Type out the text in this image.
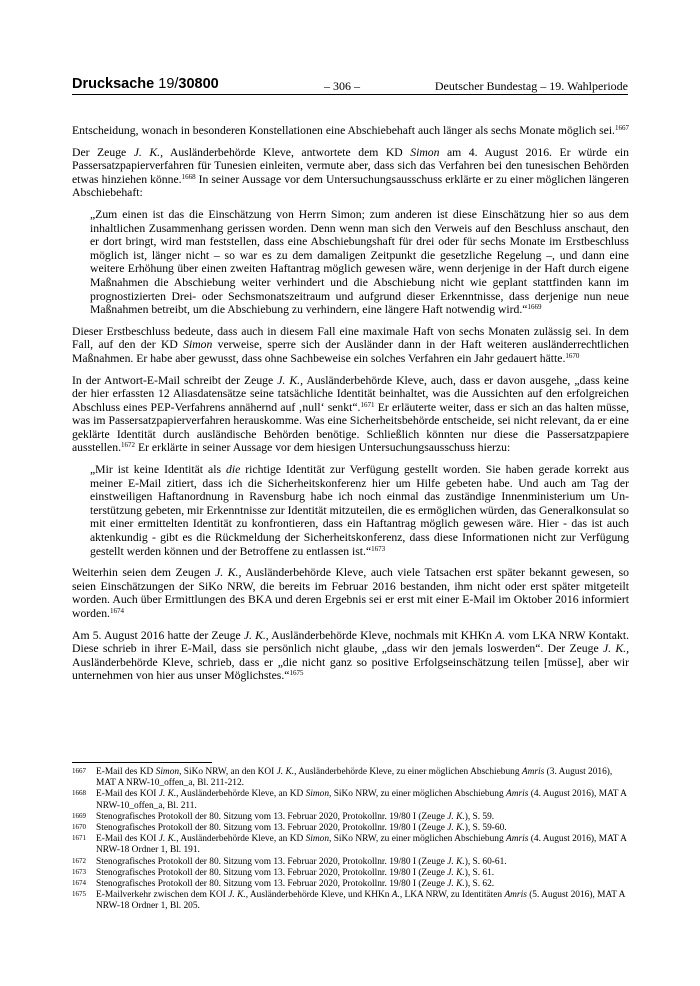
Drucksache 19/30800	– 306 –	Deutscher Bundestag – 19. Wahlperiode

Entscheidung, wonach in besonderen Konstellationen eine Abschiebehaft auch länger als sechs Monate möglich sei.$^{1667}$

Der Zeuge J. K., Ausländerbehörde Kleve, antwortete dem KD Simon am 4. August 2016. Er würde ein Passersatzpapierverfahren für Tunesien einleiten, vermute aber, dass sich das Verfahren bei den tunesischen Behörden etwas hinziehen könne.$^{1668}$ In seiner Aussage vor dem Untersuchungsausschuss erklärte er zu einer möglichen längeren Abschiebehaft:

„Zum einen ist das die Einschätzung von Herrn Simon; zum anderen ist diese Einschätzung hier so aus dem inhaltlichen Zusammenhang gerissen worden. Denn wenn man sich den Verweis auf den Beschluss anschaut, den er dort bringt, wird man feststellen, dass eine Abschiebungshaft für drei oder für sechs Monate im Erstbeschluss möglich ist, länger nicht – so war es zu dem damaligen Zeitpunkt die gesetzliche Regelung –, und dann eine weitere Erhöhung über einen zweiten Haftantrag möglich gewesen wäre, wenn derjenige in der Haft durch eigene Maßnahmen die Abschiebung weiter verhindert und die Abschiebung nicht wie geplant stattfinden kann im prognostizierten Drei- oder Sechsmonatszeitraum und aufgrund dieser Erkenntnisse, dass derjenige nun neue Maßnahmen betreibt, um die Abschiebung zu verhindern, eine längere Haft notwendig wird.“$^{1669}$

Dieser Erstbeschluss bedeute, dass auch in diesem Fall eine maximale Haft von sechs Monaten zulässig sei. In dem Fall, auf den der KD Simon verweise, sperre sich der Ausländer dann in der Haft weiteren ausländerrechtlichen Maßnahmen. Er habe aber gewusst, dass ohne Sachbeweise ein solches Verfahren ein Jahr gedauert hätte.$^{1670}$

In der Antwort-E-Mail schreibt der Zeuge J. K., Ausländerbehörde Kleve, auch, dass er davon ausgehe, „dass keine der hier erfassten 12 Aliasdatensätze seine tatsächliche Identität beinhaltet, was die Aussichten auf den erfolgreichen Abschluss eines PEP-Verfahrens annähernd auf ‚null‘ senkt“.$^{1671}$ Er erläuterte weiter, dass er sich an das halten müsse, was im Passersatzpapierverfahren herauskomme. Was eine Sicherheitsbehörde entscheide, sei nicht relevant, da er eine geklärte Identität durch ausländische Behörden benötige. Schließlich könnten nur diese die Passersatzpapiere ausstellen.$^{1672}$ Er erklärte in seiner Aussage vor dem hiesigen Untersuchungsausschuss hierzu:

„Mir ist keine Identität als die richtige Identität zur Verfügung gestellt worden. Sie haben gerade korrekt aus meiner E-Mail zitiert, dass ich die Sicherheitskonferenz hier um Hilfe gebeten habe. Und auch am Tag der einstweiligen Haftanordnung in Ravensburg habe ich noch einmal das zuständige Innenministerium um Unterstützung gebeten, mir Erkenntnisse zur Identität mitzuteilen, die es ermöglichen würden, das Generalkonsulat so mit einer ermittelten Identität zu konfrontieren, dass ein Haftantrag möglich gewesen wäre. Hier - das ist auch aktenkundig - gibt es die Rückmeldung der Sicherheitskonferenz, dass diese Informationen nicht zur Verfügung gestellt werden können und der Betroffene zu entlassen ist.“$^{1673}$

Weiterhin seien dem Zeugen J. K., Ausländerbehörde Kleve, auch viele Tatsachen erst später bekannt gewesen, so seien Einschätzungen der SiKo NRW, die bereits im Februar 2016 bestanden, ihm nicht oder erst später mitgeteilt worden. Auch über Ermittlungen des BKA und deren Ergebnis sei er erst mit einer E-Mail im Oktober 2016 informiert worden.$^{1674}$

Am 5. August 2016 hatte der Zeuge J. K., Ausländerbehörde Kleve, nochmals mit KHKn A. vom LKA NRW Kontakt. Diese schrieb in ihrer E-Mail, dass sie persönlich nicht glaube, „dass wir den jemals loswerden“. Der Zeuge J. K., Ausländerbehörde Kleve, schrieb, dass er „die nicht ganz so positive Erfolgseinschätzung teilen [müsse], aber wir unternehmen von hier aus unser Möglichstes.“$^{1675}$

1667	E-Mail des KD Simon, SiKo NRW, an den KOI J. K., Ausländerbehörde Kleve, zu einer möglichen Abschiebung Amris (3. August 2016), MAT A NRW-10_offen_a, Bl. 211-212.
1668	E-Mail des KOI J. K., Ausländerbehörde Kleve, an KD Simon, SiKo NRW, zu einer möglichen Abschiebung Amris (4. August 2016), MAT A NRW-10_offen_a, Bl. 211.
1669	Stenografisches Protokoll der 80. Sitzung vom 13. Februar 2020, Protokollnr. 19/80 I (Zeuge J. K.), S. 59.
1670	Stenografisches Protokoll der 80. Sitzung vom 13. Februar 2020, Protokollnr. 19/80 I (Zeuge J. K.), S. 59-60.
1671	E-Mail des KOI J. K., Ausländerbehörde Kleve, an KD Simon, SiKo NRW, zu einer möglichen Abschiebung Amris (4. August 2016), MAT A NRW-18 Ordner 1, Bl. 191.
1672	Stenografisches Protokoll der 80. Sitzung vom 13. Februar 2020, Protokollnr. 19/80 I (Zeuge J. K.), S. 60-61.
1673	Stenografisches Protokoll der 80. Sitzung vom 13. Februar 2020, Protokollnr. 19/80 I (Zeuge J. K.), S. 61.
1674	Stenografisches Protokoll der 80. Sitzung vom 13. Februar 2020, Protokollnr. 19/80 I (Zeuge J. K.), S. 62.
1675	E-Mailverkehr zwischen dem KOI J. K., Ausländerbehörde Kleve, und KHKn A., LKA NRW, zu Identitäten Amris (5. August 2016), MAT A NRW-18 Ordner 1, Bl. 205.
